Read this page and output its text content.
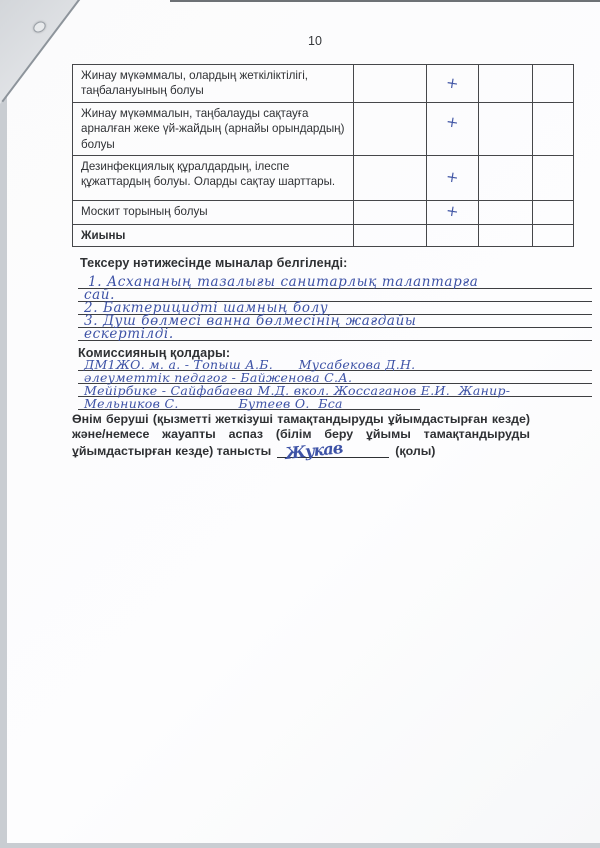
10
Жинау мүкәммалы, олардың жеткіліктілігі, таңбалануының болуы		+		
Жинау мүкәммалын, таңбалауды сақтауға арналған жеке үй-жайдың (арнайы орындардың) болуы		+		
Дезинфекциялық құралдардың, ілеспе құжаттардың болуы. Оларды сақтау шарттары.		+		
Москит торының болуы		+		
Жиыны				
Тексеру нәтижесінде мыналар белгіленді:
1. Асхананың тазалығы санитарлық талаптарға
сай.
2. Бактерицидті шамның болу
3. Душ бөлмесі ванна бөлмесінің жағдайы
ескертілді.
Комиссияның қолдары:
ДМ1ЖО. м. а. - Топыш А.Б.      Мусабекова Д.Н.
әлеуметтік педагог - Байженова С.А.
Мейірбике - Сайфабаева М.Д. вкол. Жоссаганов Е.И.  Жанир-
Мельников С.              Бутеев О.  Бса
Өнім беруші (қызметті жеткізуші тамақтандыруды ұйымдастырған кезде)
және/немесе жауапты аспаз (білім беру ұйымы тамақтандыруды
ұйымдастырған кезде) танысты Жукав	(қолы)
